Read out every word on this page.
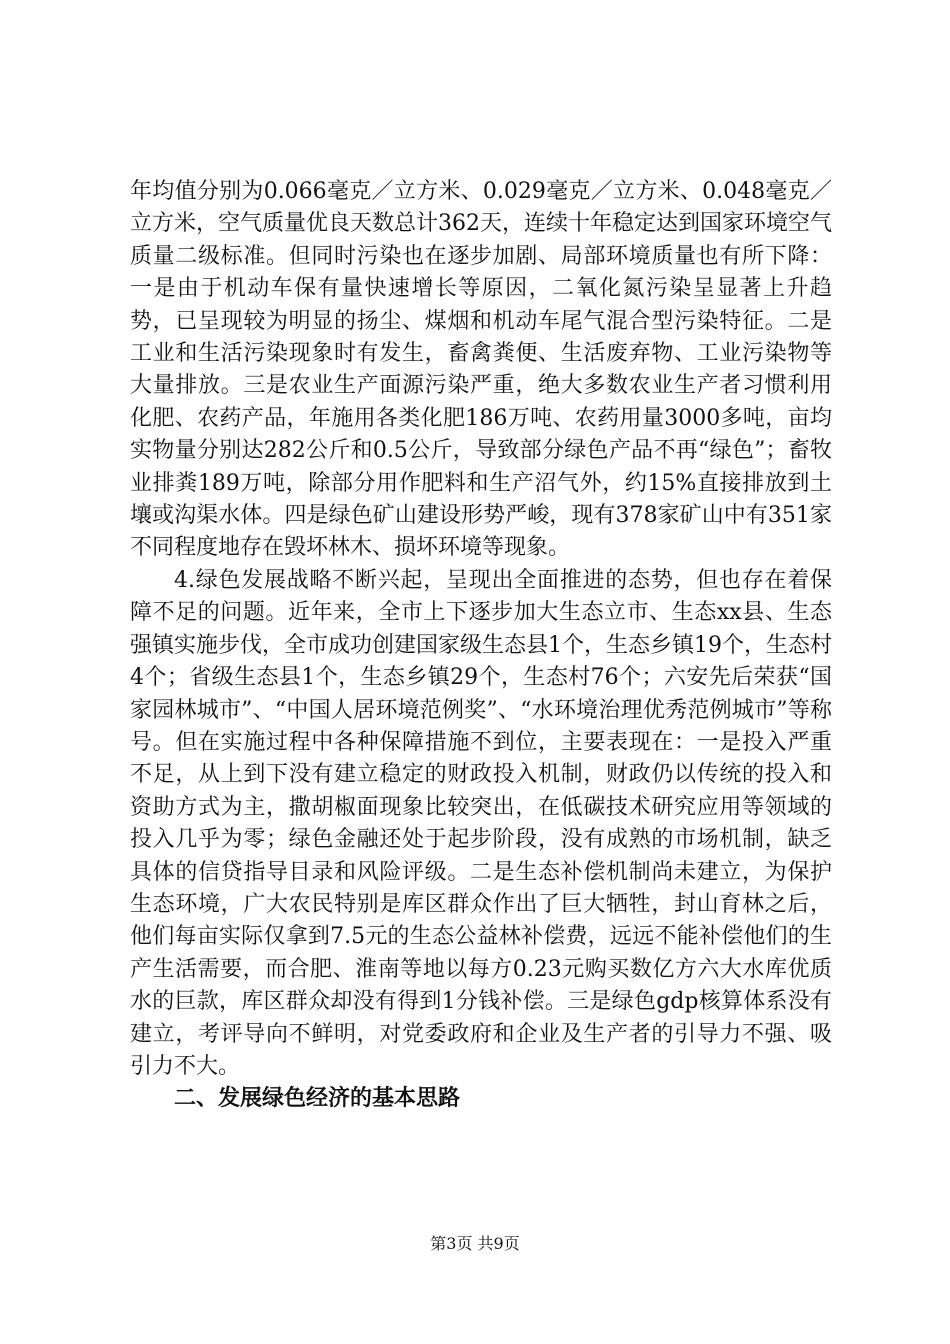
年均值分别为0.066毫克／立方米、0.029毫克／立方米、0.048毫克／立方米，空气质量优良天数总计362天，连续十年稳定达到国家环境空气质量二级标准。但同时污染也在逐步加剧、局部环境质量也有所下降：一是由于机动车保有量快速增长等原因，二氧化氮污染呈显著上升趋势，已呈现较为明显的扬尘、煤烟和机动车尾气混合型污染特征。二是工业和生活污染现象时有发生，畜禽粪便、生活废弃物、工业污染物等大量排放。三是农业生产面源污染严重，绝大多数农业生产者习惯利用化肥、农药产品，年施用各类化肥186万吨、农药用量3000多吨，亩均实物量分别达282公斤和0.5公斤，导致部分绿色产品不再“绿色”；畜牧业排粪189万吨，除部分用作肥料和生产沼气外，约15%直接排放到土壤或沟渠水体。四是绿色矿山建设形势严峻，现有378家矿山中有351家不同程度地存在毁坏林木、损坏环境等现象。

4.绿色发展战略不断兴起，呈现出全面推进的态势，但也存在着保障不足的问题。近年来，全市上下逐步加大生态立市、生态xx县、生态强镇实施步伐，全市成功创建国家级生态县1个，生态乡镇19个，生态村4个；省级生态县1个，生态乡镇29个，生态村76个；六安先后荣获“国家园林城市”、“中国人居环境范例奖”、“水环境治理优秀范例城市”等称号。但在实施过程中各种保障措施不到位，主要表现在：一是投入严重不足，从上到下没有建立稳定的财政投入机制，财政仍以传统的投入和资助方式为主，撒胡椒面现象比较突出，在低碳技术研究应用等领域的投入几乎为零；绿色金融还处于起步阶段，没有成熟的市场机制，缺乏具体的信贷指导目录和风险评级。二是生态补偿机制尚未建立，为保护生态环境，广大农民特别是库区群众作出了巨大牺牲，封山育林之后，他们每亩实际仅拿到7.5元的生态公益林补偿费，远远不能补偿他们的生产生活需要，而合肥、淮南等地以每方0.23元购买数亿方六大水库优质水的巨款，库区群众却没有得到1分钱补偿。三是绿色gdp核算体系没有建立，考评导向不鲜明，对党委政府和企业及生产者的引导力不强、吸引力不大。

二、发展绿色经济的基本思路
第3页 共9页
